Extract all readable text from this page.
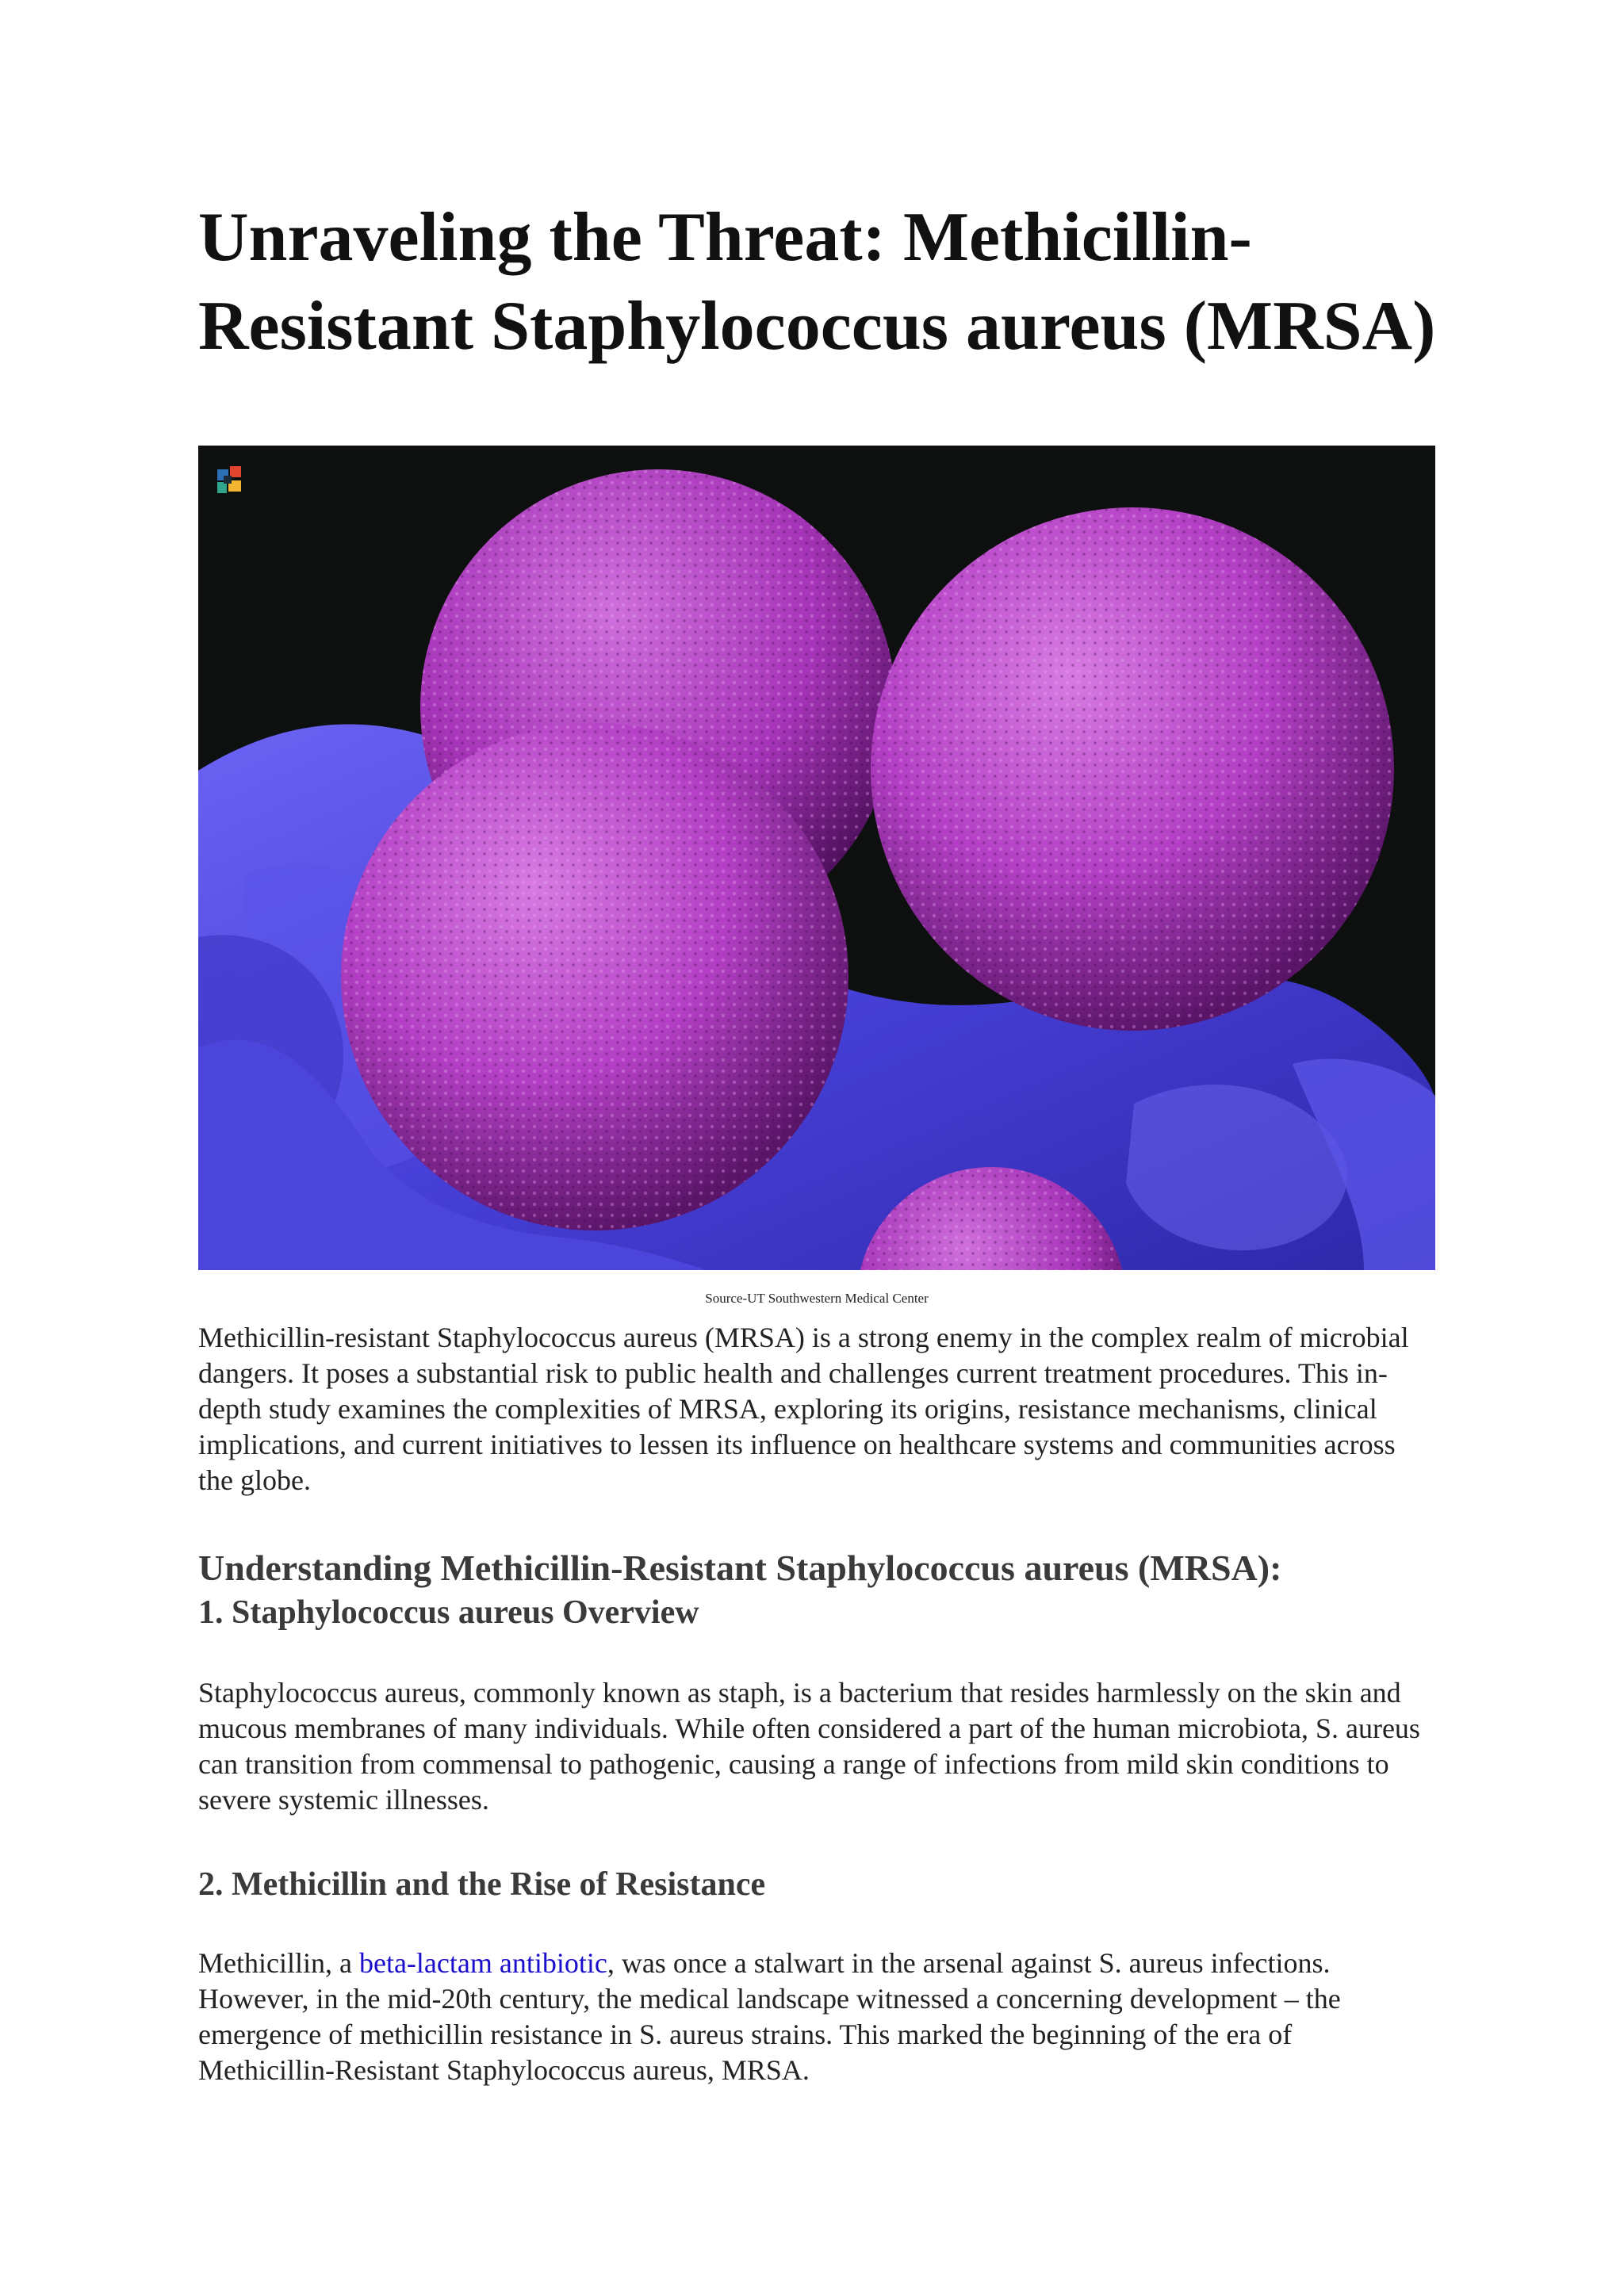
Unraveling the Threat: Methicillin-Resistant Staphylococcus aureus (MRSA)
Source-UT Southwestern Medical Center

Methicillin-resistant Staphylococcus aureus (MRSA) is a strong enemy in the complex realm of microbial dangers. It poses a substantial risk to public health and challenges current treatment procedures. This in-depth study examines the complexities of MRSA, exploring its origins, resistance mechanisms, clinical implications, and current initiatives to lessen its influence on healthcare systems and communities across the globe.

Understanding Methicillin-Resistant Staphylococcus aureus (MRSA):
1. Staphylococcus aureus Overview

Staphylococcus aureus, commonly known as staph, is a bacterium that resides harmlessly on the skin and mucous membranes of many individuals. While often considered a part of the human microbiota, S. aureus can transition from commensal to pathogenic, causing a range of infections from mild skin conditions to severe systemic illnesses.

2. Methicillin and the Rise of Resistance

Methicillin, a beta-lactam antibiotic, was once a stalwart in the arsenal against S. aureus infections. However, in the mid-20th century, the medical landscape witnessed a concerning development – the emergence of methicillin resistance in S. aureus strains. This marked the beginning of the era of Methicillin-Resistant Staphylococcus aureus, MRSA.
